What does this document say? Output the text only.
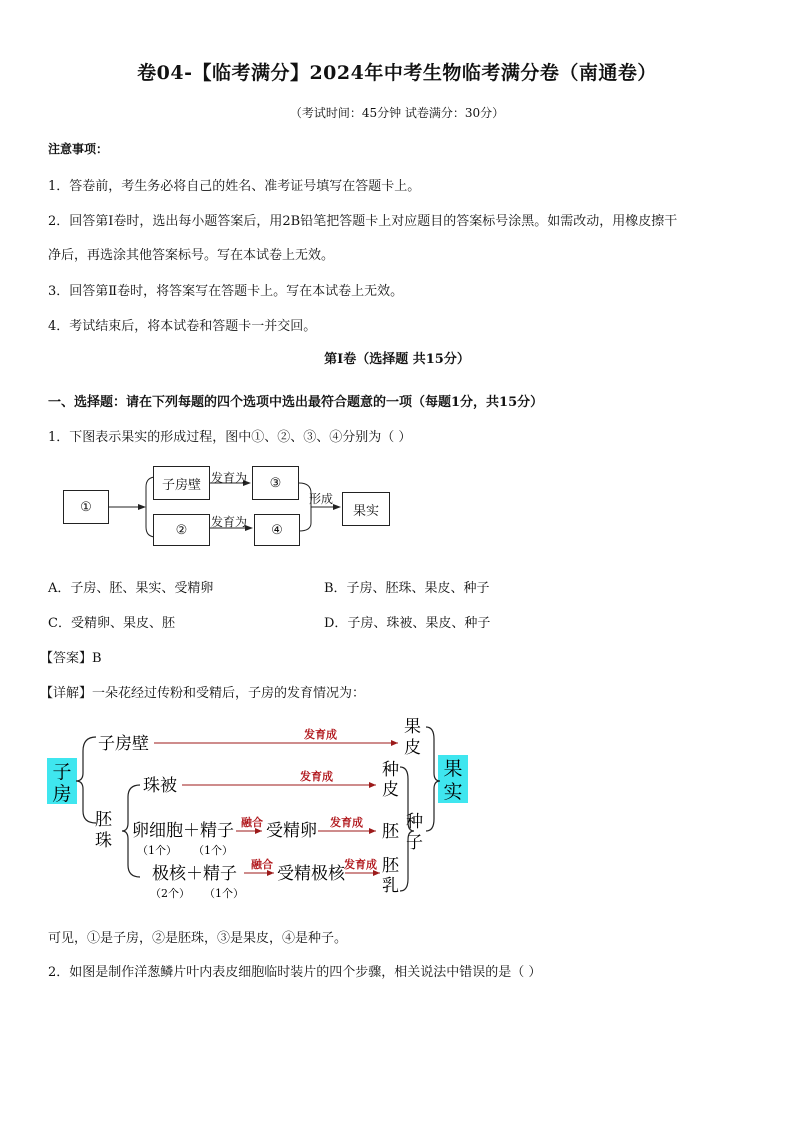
卷04-【临考满分】2024年中考生物临考满分卷（南通卷）
（考试时间：45分钟 试卷满分：30分）
注意事项：
1．答卷前，考生务必将自己的姓名、准考证号填写在答题卡上。
2．回答第Ⅰ卷时，选出每小题答案后，用2B铅笔把答题卡上对应题目的答案标号涂黑。如需改动，用橡皮擦干
净后，再选涂其他答案标号。写在本试卷上无效。
3．回答第Ⅱ卷时，将答案写在答题卡上。写在本试卷上无效。
4．考试结束后，将本试卷和答题卡一并交回。
第Ⅰ卷（选择题 共15分）
一、选择题：请在下列每题的四个选项中选出最符合题意的一项（每题1分，共15分）
1．下图表示果实的形成过程，图中①、②、③、④分别为（ ）
①
子房壁
②
③
④
果实
发育为
发育为
形成
A．子房、胚、果实、受精卵	B．子房、胚珠、果皮、种子
C．受精卵、果皮、胚	D．子房、珠被、果皮、种子
【答案】B
【详解】一朵花经过传粉和受精后，子房的发育情况为：
子
房
子房壁	发育成
胚
珠
珠被	发育成
卵细胞＋精子
（1个） （1个）
融合 受精卵 发育成
极核＋精子
（2个） （1个）
融合 受精极核 发育成
果
皮
种
皮
胚
胚
乳
种
子
果
实
可见，①是子房，②是胚珠，③是果皮，④是种子。
2．如图是制作洋葱鳞片叶内表皮细胞临时装片的四个步骤，相关说法中错误的是（ ）
